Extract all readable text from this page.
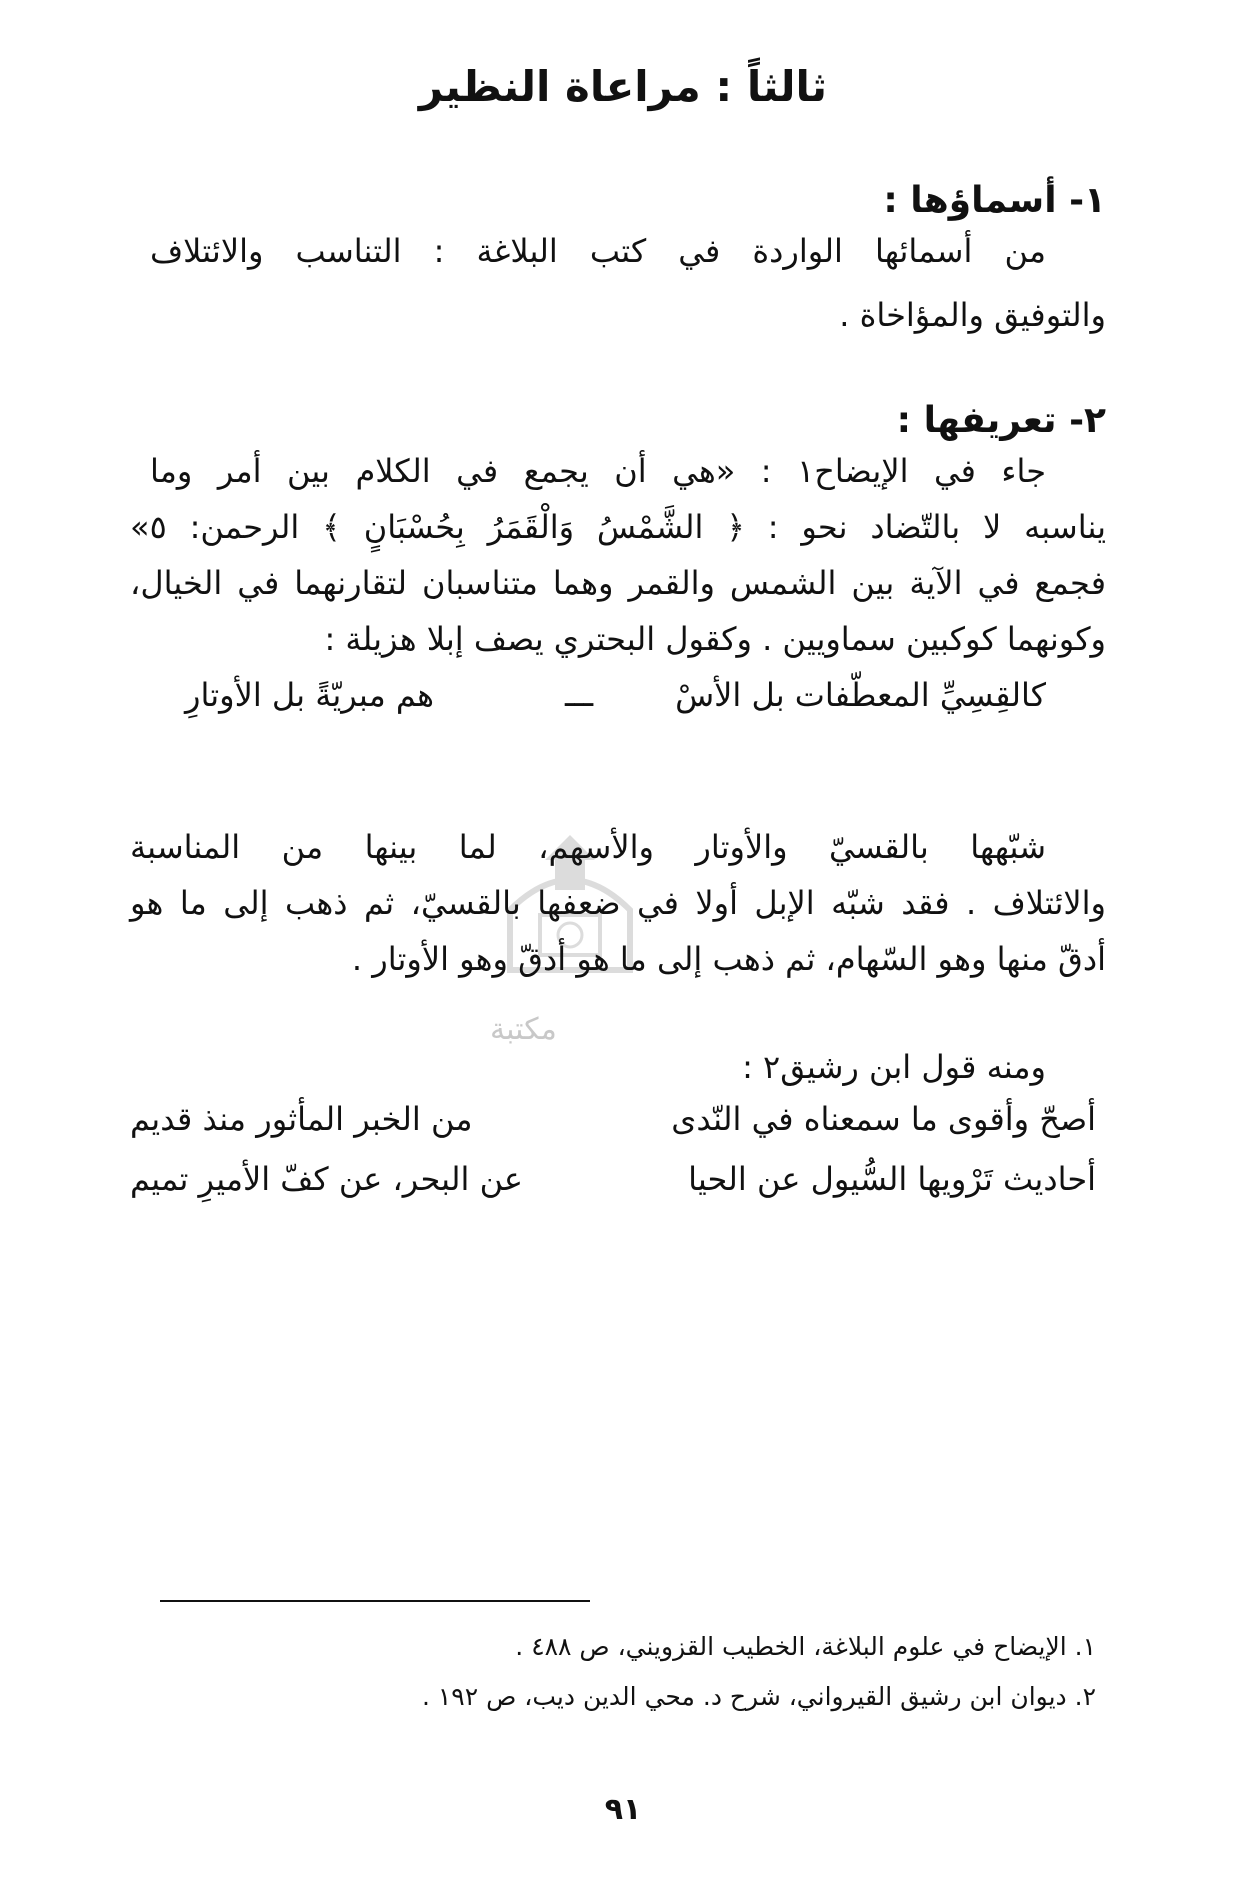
ثالثاً : مراعاة النظير
١- أسماؤها :
من أسمائها الواردة في كتب البلاغة : التناسب والائتلاف
والتوفيق والمؤاخاة .
٢- تعريفها :
جاء في الإيضاح١ : «هي أن يجمع في الكلام بين أمر وما
يناسبه لا بالتّضاد نحو : ﴿ الشَّمْسُ وَالْقَمَرُ بِحُسْبَانٍ ﴾ الرحمن: ٥»
فجمع في الآية بين الشمس والقمر وهما متناسبان لتقارنهما في الخيال،
وكونهما كوكبين سماويين . وكقول البحتري يصف إبلا هزيلة :
كالقِسِيِّ المعطّفات بل الأسْ
ـــ
هم مبريّةً بل الأوتارِ
مكتبة
شبّهها بالقسيّ والأوتار والأسهم، لما بينها من المناسبة
والائتلاف . فقد شبّه الإبل أولا في ضعفها بالقسيّ، ثم ذهب إلى ما هو
أدقّ منها وهو السّهام، ثم ذهب إلى ما هو أدقّ وهو الأوتار .
ومنه قول ابن رشيق٢ :
أصحّ وأقوى ما سمعناه في النّدى
من الخبر المأثور منذ قديم
أحاديث تَرْويها السُّيول عن الحيا
عن البحر، عن كفّ الأميرِ تميم
١. الإيضاح في علوم البلاغة، الخطيب القزويني، ص ٤٨٨ .
٢. ديوان ابن رشيق القيرواني، شرح د. محي الدين ديب، ص ١٩٢ .
٩١
